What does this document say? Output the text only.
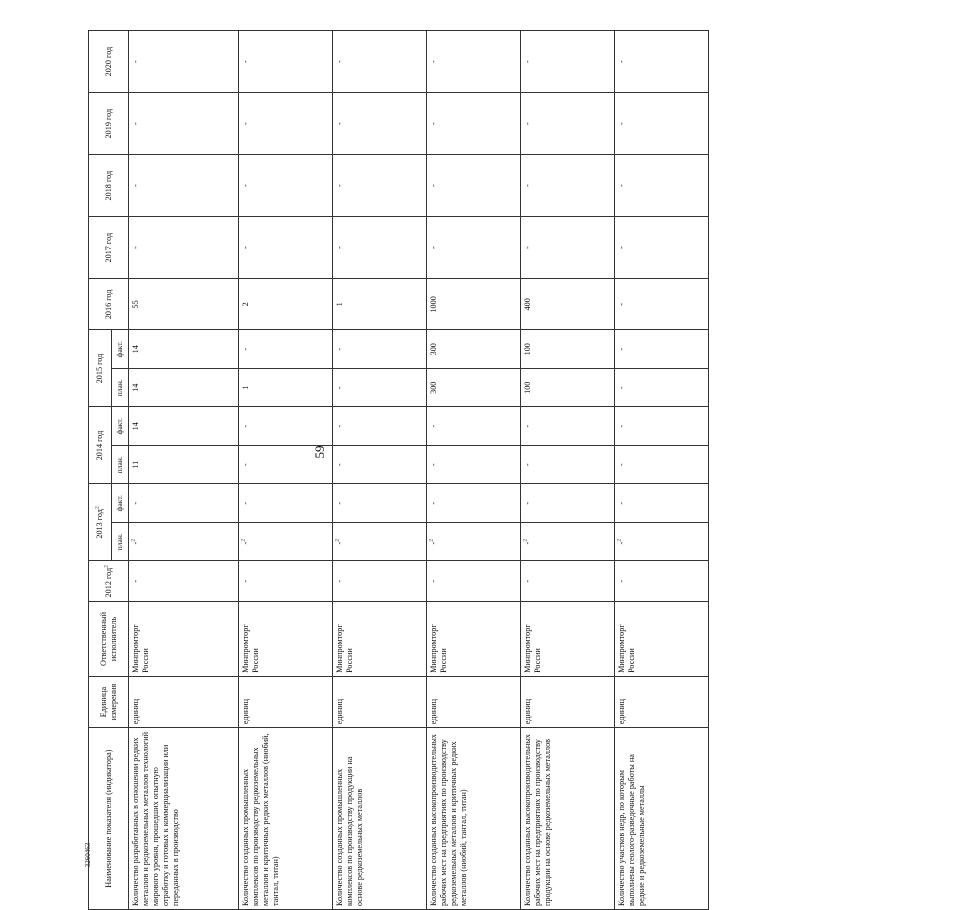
59
3260463	Наименование показателя (индикатора)	Единица измерения	Ответственный исполнитель	2012 год$^2$	2013 год$^2$		2014 год		2015 год		2016 год	2017 год	2018 год	2019 год	2020 год
				план.	факт.	план.	факт.	план.	факт.					
Количество разработанных в отношении редких металлов и редкоземельных металлов технологий мирового уровня, прошедших опытную отработку и готовых к коммерциализации или переданных в производство	единиц	Минпромторг России	-	-$^2$	-	11	14	14	14	55	-	-	-	-
Количество созданных промышленных комплексов по производству редкоземельных металлов и критичных редких металлов (ниобий, тантал, титан)	единиц	Минпромторг России	-	-$^2$	-	-	-	1	-	2	-	-	-	-
Количество созданных промышленных комплексов по производству продукции на основе редкоземельных металлов	единиц	Минпромторг России	-	-$^2$	-	-	-	-	-	1	-	-	-	-
Количество созданных высокопроизводительных рабочих мест на предприятиях по производству редкоземельных металлов и критичных редких металлов (ниобий, тантал, титан)	единиц	Минпромторг России	-	-$^2$	-	-	-	300	300	1000	-	-	-	-
Количество созданных высокопроизводительных рабочих мест на предприятиях по производству продукции на основе редкоземельных металлов	единиц	Минпромторг России	-	-$^2$	-	-	-	100	100	400	-	-	-	-
Количество участков недр, по которым выполнены геолого-разведочные работы на редкие и редкоземельные металлы	единиц	Минпромторг России	-	-$^2$	-	-	-	-	-	-	-	-	-	-
